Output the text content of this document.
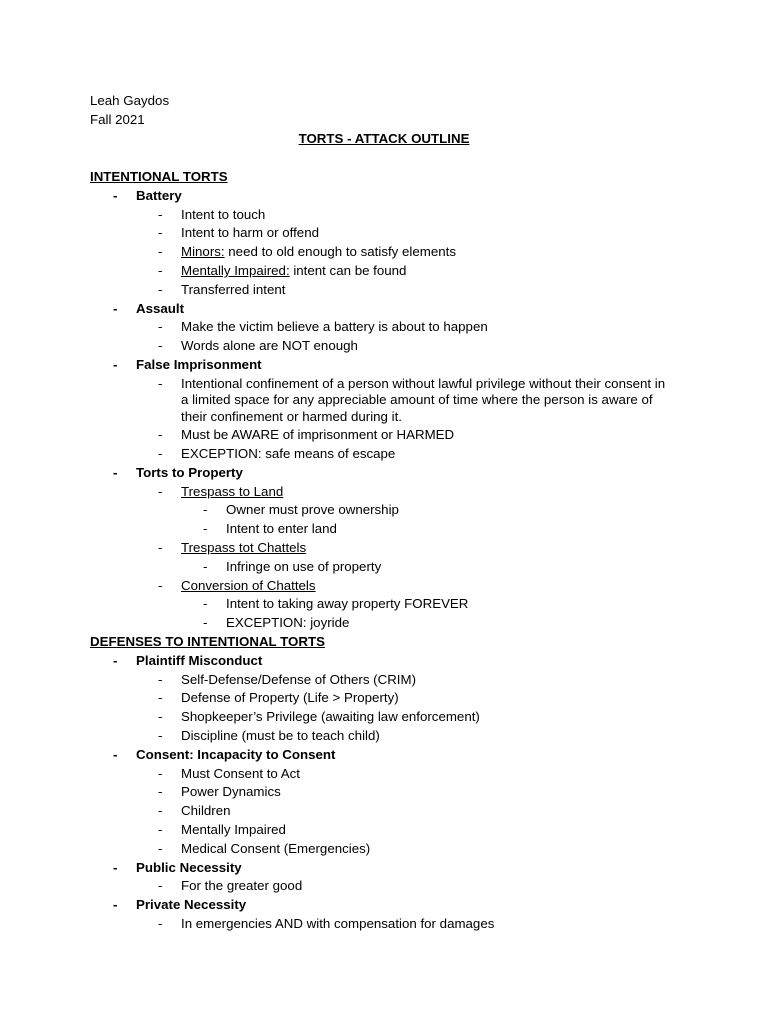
Leah Gaydos
Fall 2021
TORTS - ATTACK OUTLINE
INTENTIONAL TORTS
- Battery
- Intent to touch
- Intent to harm or offend
- Minors: need to old enough to satisfy elements
- Mentally Impaired: intent can be found
- Transferred intent
- Assault
- Make the victim believe a battery is about to happen
- Words alone are NOT enough
- False Imprisonment
- Intentional confinement of a person without lawful privilege without their consent in a limited space for any appreciable amount of time where the person is aware of their confinement or harmed during it.
- Must be AWARE of imprisonment or HARMED
- EXCEPTION: safe means of escape
- Torts to Property
- Trespass to Land
- Owner must prove ownership
- Intent to enter land
- Trespass tot Chattels
- Infringe on use of property
- Conversion of Chattels
- Intent to taking away property FOREVER
- EXCEPTION: joyride
DEFENSES TO INTENTIONAL TORTS
- Plaintiff Misconduct
- Self-Defense/Defense of Others (CRIM)
- Defense of Property (Life > Property)
- Shopkeeper’s Privilege (awaiting law enforcement)
- Discipline (must be to teach child)
- Consent: Incapacity to Consent
- Must Consent to Act
- Power Dynamics
- Children
- Mentally Impaired
- Medical Consent (Emergencies)
- Public Necessity
- For the greater good
- Private Necessity
- In emergencies AND with compensation for damages
